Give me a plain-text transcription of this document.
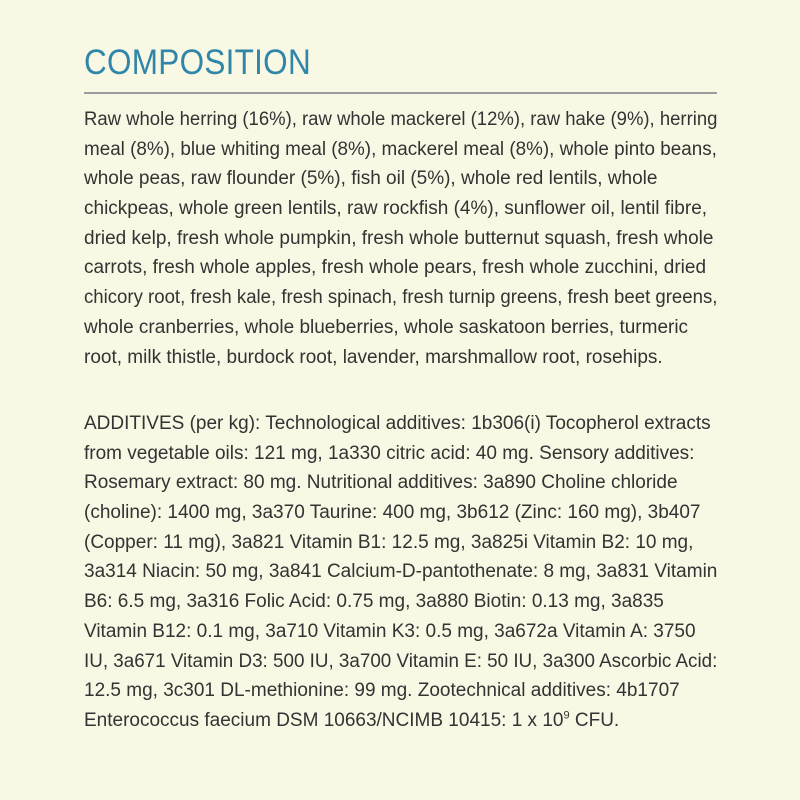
COMPOSITION

Raw whole herring (16%), raw whole mackerel (12%), raw hake (9%), herring
meal (8%), blue whiting meal (8%), mackerel meal (8%), whole pinto beans,
whole peas, raw flounder (5%), fish oil (5%), whole red lentils, whole
chickpeas, whole green lentils, raw rockfish (4%), sunflower oil, lentil fibre,
dried kelp, fresh whole pumpkin, fresh whole butternut squash, fresh whole
carrots, fresh whole apples, fresh whole pears, fresh whole zucchini, dried
chicory root, fresh kale, fresh spinach, fresh turnip greens, fresh beet greens,
whole cranberries, whole blueberries, whole saskatoon berries, turmeric
root, milk thistle, burdock root, lavender, marshmallow root, rosehips.

ADDITIVES (per kg): Technological additives: 1b306(i) Tocopherol extracts
from vegetable oils: 121 mg, 1a330 citric acid: 40 mg. Sensory additives:
Rosemary extract: 80 mg. Nutritional additives: 3a890 Choline chloride
(choline): 1400 mg, 3a370 Taurine: 400 mg, 3b612 (Zinc: 160 mg), 3b407
(Copper: 11 mg), 3a821 Vitamin B1: 12.5 mg, 3a825i Vitamin B2: 10 mg,
3a314 Niacin: 50 mg, 3a841 Calcium-D-pantothenate: 8 mg, 3a831 Vitamin
B6: 6.5 mg, 3a316 Folic Acid: 0.75 mg, 3a880 Biotin: 0.13 mg, 3a835
Vitamin B12: 0.1 mg, 3a710 Vitamin K3: 0.5 mg, 3a672a Vitamin A: 3750
IU, 3a671 Vitamin D3: 500 IU, 3a700 Vitamin E: 50 IU, 3a300 Ascorbic Acid:
12.5 mg, 3c301 DL-methionine: 99 mg. Zootechnical additives: 4b1707
Enterococcus faecium DSM 10663/NCIMB 10415: 1 x $10^9$ CFU.
